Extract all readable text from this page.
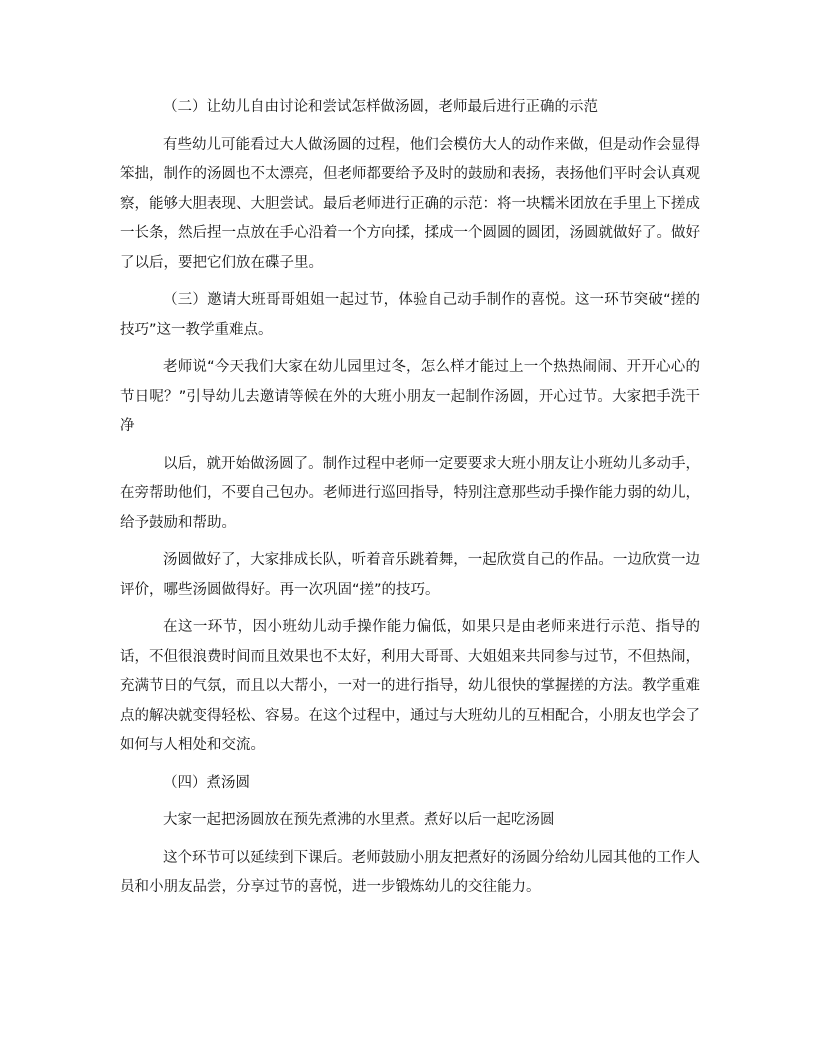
（二）让幼儿自由讨论和尝试怎样做汤圆，老师最后进行正确的示范

有些幼儿可能看过大人做汤圆的过程，他们会模仿大人的动作来做，但是动作会显得笨拙，制作的汤圆也不太漂亮，但老师都要给予及时的鼓励和表扬，表扬他们平时会认真观察，能够大胆表现、大胆尝试。最后老师进行正确的示范：将一块糯米团放在手里上下搓成一长条，然后捏一点放在手心沿着一个方向揉，揉成一个圆圆的圆团，汤圆就做好了。做好了以后，要把它们放在碟子里。

（三）邀请大班哥哥姐姐一起过节，体验自己动手制作的喜悦。这一环节突破“搓的技巧”这一教学重难点。

老师说“今天我们大家在幼儿园里过冬，怎么样才能过上一个热热闹闹、开开心心的节日呢？”引导幼儿去邀请等候在外的大班小朋友一起制作汤圆，开心过节。大家把手洗干净

以后，就开始做汤圆了。制作过程中老师一定要要求大班小朋友让小班幼儿多动手，在旁帮助他们，不要自己包办。老师进行巡回指导，特别注意那些动手操作能力弱的幼儿，给予鼓励和帮助。

汤圆做好了，大家排成长队，听着音乐跳着舞，一起欣赏自己的作品。一边欣赏一边评价，哪些汤圆做得好。再一次巩固“搓”的技巧。

在这一环节，因小班幼儿动手操作能力偏低，如果只是由老师来进行示范、指导的话，不但很浪费时间而且效果也不太好，利用大哥哥、大姐姐来共同参与过节，不但热闹，充满节日的气氛，而且以大帮小，一对一的进行指导，幼儿很快的掌握搓的方法。教学重难点的解决就变得轻松、容易。在这个过程中，通过与大班幼儿的互相配合，小朋友也学会了如何与人相处和交流。

（四）煮汤圆

大家一起把汤圆放在预先煮沸的水里煮。煮好以后一起吃汤圆

这个环节可以延续到下课后。老师鼓励小朋友把煮好的汤圆分给幼儿园其他的工作人员和小朋友品尝，分享过节的喜悦，进一步锻炼幼儿的交往能力。
